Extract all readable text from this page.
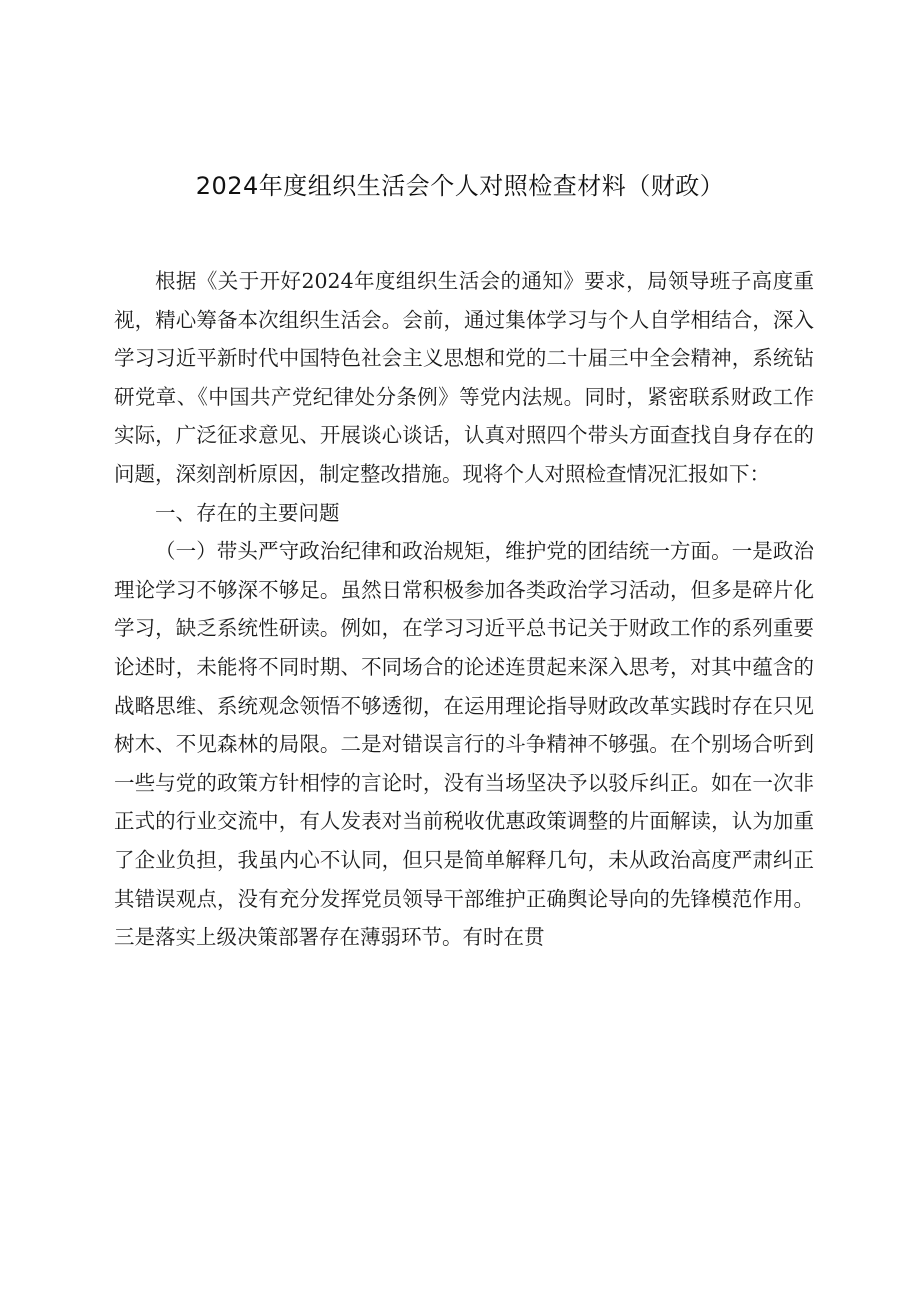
2024年度组织生活会个人对照检查材料（财政）

根据《关于开好2024年度组织生活会的通知》要求，局领导班子高度重视，精心筹备本次组织生活会。会前，通过集体学习与个人自学相结合，深入学习习近平新时代中国特色社会主义思想和党的二十届三中全会精神，系统钻研党章、《中国共产党纪律处分条例》等党内法规。同时，紧密联系财政工作实际，广泛征求意见、开展谈心谈话，认真对照四个带头方面查找自身存在的问题，深刻剖析原因，制定整改措施。现将个人对照检查情况汇报如下：

一、存在的主要问题

（一）带头严守政治纪律和政治规矩，维护党的团结统一方面。一是政治理论学习不够深不够足。虽然日常积极参加各类政治学习活动，但多是碎片化学习，缺乏系统性研读。例如，在学习习近平总书记关于财政工作的系列重要论述时，未能将不同时期、不同场合的论述连贯起来深入思考，对其中蕴含的战略思维、系统观念领悟不够透彻，在运用理论指导财政改革实践时存在只见树木、不见森林的局限。二是对错误言行的斗争精神不够强。在个别场合听到一些与党的政策方针相悖的言论时，没有当场坚决予以驳斥纠正。如在一次非正式的行业交流中，有人发表对当前税收优惠政策调整的片面解读，认为加重了企业负担，我虽内心不认同，但只是简单解释几句，未从政治高度严肃纠正其错误观点，没有充分发挥党员领导干部维护正确舆论导向的先锋模范作用。三是落实上级决策部署存在薄弱环节。有时在贯
